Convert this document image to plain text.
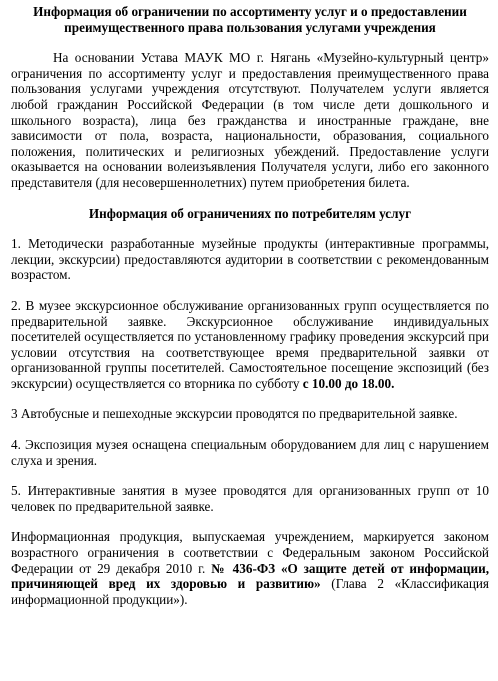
Информация об ограничении по ассортименту услуг и о предоставлении
преимущественного права пользования услугами учреждения

На основании Устава МАУК МО г. Нягань «Музейно-культурный центр» ограничения по ассортименту услуг и предоставления преимущественного права пользования услугами учреждения отсутствуют. Получателем услуги является любой гражданин Российской Федерации (в том числе дети дошкольного и школьного возраста), лица без гражданства и иностранные граждане, вне зависимости от пола, возраста, национальности, образования, социального положения, политических и религиозных убеждений. Предоставление услуги оказывается на основании волеизъявления Получателя услуги, либо его законного представителя (для несовершеннолетних) путем приобретения билета.

Информация об ограничениях по потребителям услуг

1. Методически разработанные музейные продукты (интерактивные программы, лекции, экскурсии) предоставляются аудитории в соответствии с рекомендованным возрастом.

2. В музее экскурсионное обслуживание организованных групп осуществляется по предварительной заявке. Экскурсионное обслуживание индивидуальных посетителей осуществляется по установленному графику проведения экскурсий при условии отсутствия на соответствующее время предварительной заявки от организованной группы посетителей. Самостоятельное посещение экспозиций (без экскурсии) осуществляется со вторника по субботу с 10.00 до 18.00.

3 Автобусные и пешеходные экскурсии проводятся по предварительной заявке.

4. Экспозиция музея оснащена специальным оборудованием для лиц с нарушением слуха и зрения.

5. Интерактивные занятия в музее проводятся для организованных групп от 10 человек по предварительной заявке.

Информационная продукция, выпускаемая учреждением, маркируется законом возрастного ограничения в соответствии с Федеральным законом Российской Федерации от 29 декабря 2010 г. № 436-ФЗ «О защите детей от информации, причиняющей вред их здоровью и развитию» (Глава 2 «Классификация информационной продукции»).
